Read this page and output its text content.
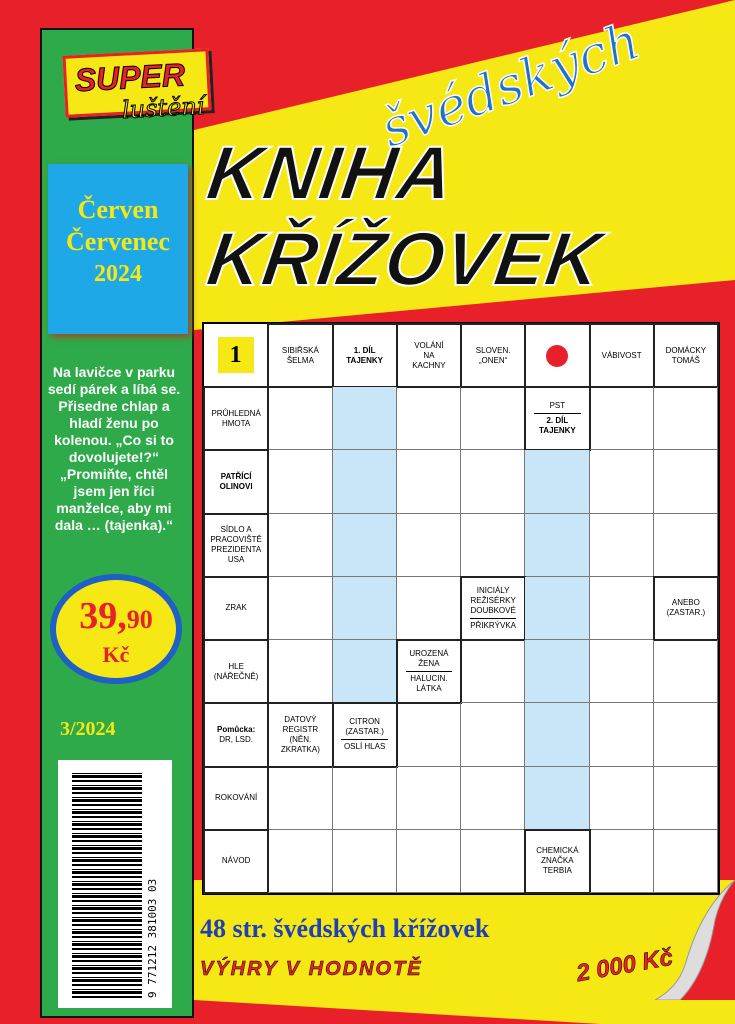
SUPER
luštění
Červen
Červenec
2024
Na lavičce v parku sedí párek a líbá se. Přisedne chlap a hladí ženu po kolenou. „Co si to dovolujete!?“ „Promiňte, chtěl jsem jen říci manželce, aby mi dala … (tajenka).“
39,90
Kč
3/2024
9 771212 381003 03
KNIHA
KŘÍŽOVEK
švédských
1	SIBIŘSKÁ
ŠELMA
1. DÍL
TAJENKY
VOLÁNÍ
NA
KACHNY
SLOVEN.
„ONEN“
VÁBIVOST
DOMÁCKY
TOMÁŠ
PRŮHLEDNÁ
HMOTA
PST
2. DÍL
TAJENKY
PATŘÍCÍ
OLINOVI
SÍDLO A
PRACOVIŠTĚ
PREZIDENTA
USA
ZRAK
INICIÁLY
REŽISÉRKY
DOUBKOVÉ
PŘIKRÝVKA
ANEBO
(ZASTAR.)
HLE
(NÁŘEČNĚ)
UROZENÁ
ŽENA
HALUCIN.
LÁTKA
Pomůcka:
DR, LSD.
DATOVÝ
REGISTR
(NĚN.
ZKRATKA)
CITRON
(ZASTAR.)
OSLÍ HLAS
ROKOVÁNÍ
NÁVOD
CHEMICKÁ
ZNAČKA
TERBIA
48 str. švédských křížovek
VÝHRY V HODNOTĚ	2 000 Kč
